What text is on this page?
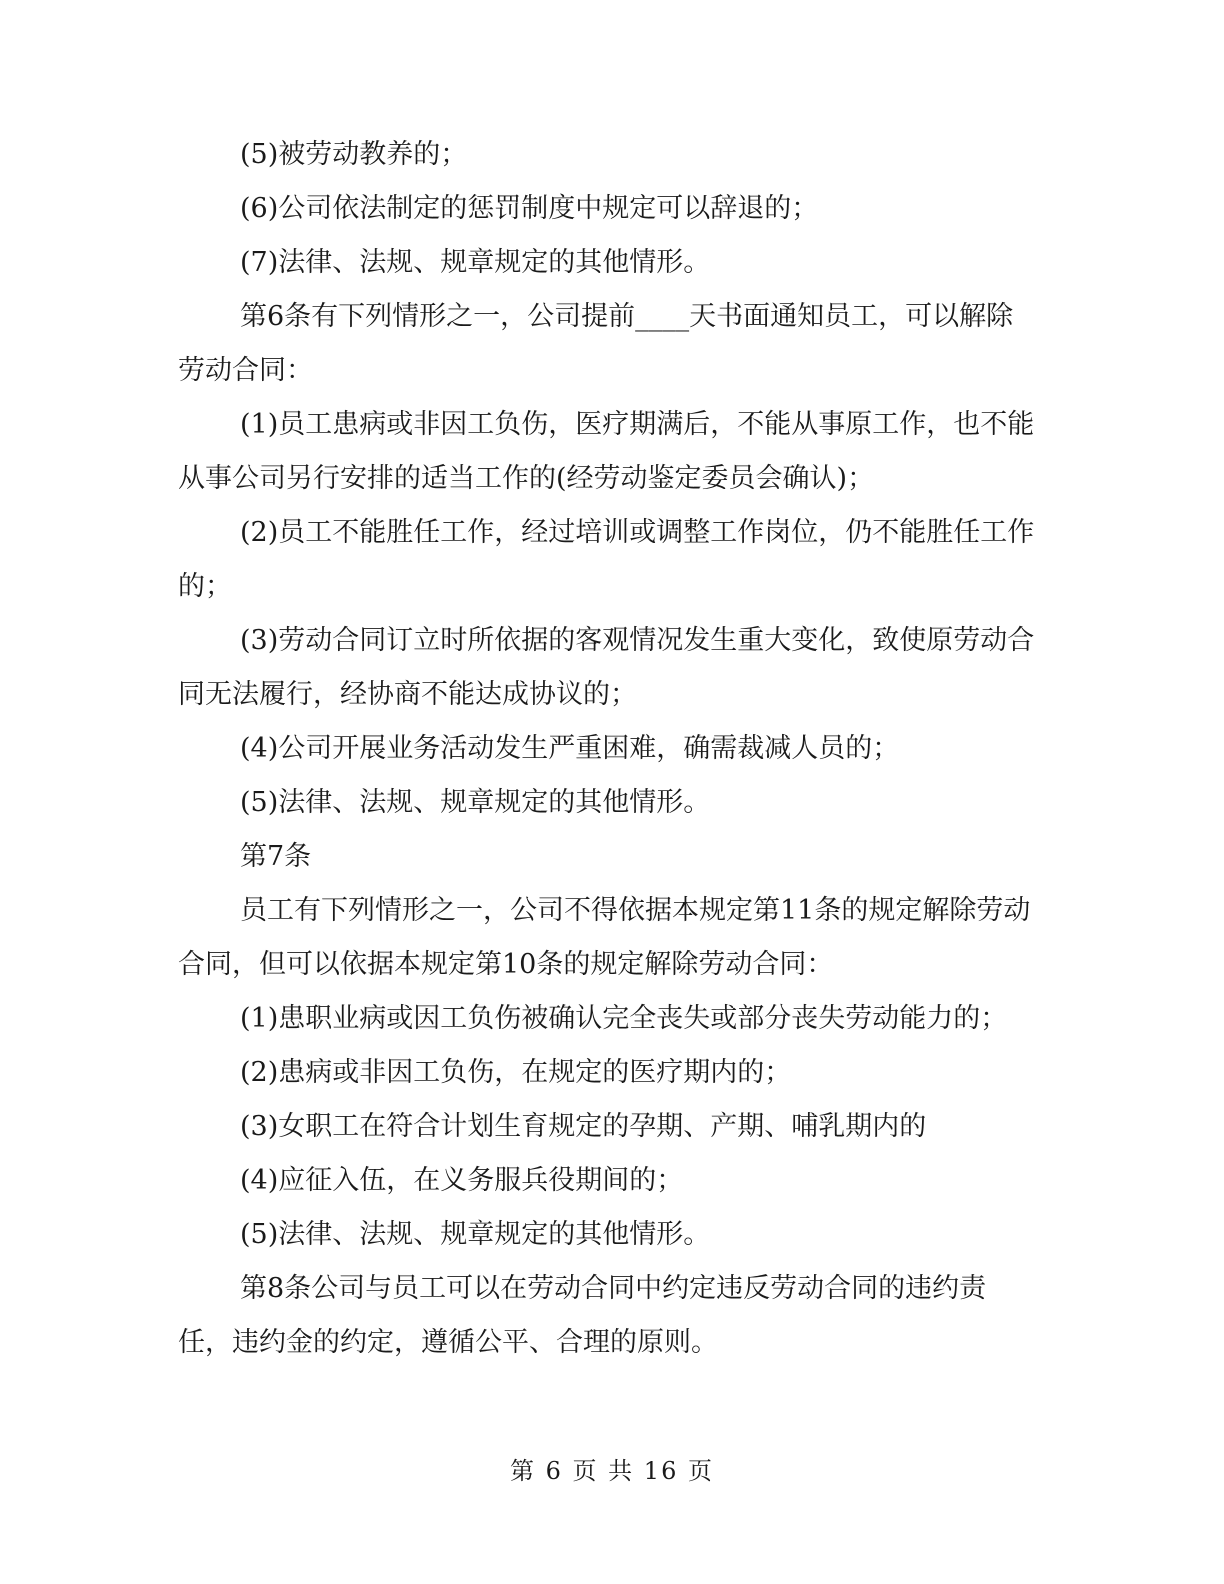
(5)被劳动教养的；

(6)公司依法制定的惩罚制度中规定可以辞退的；

(7)法律、法规、规章规定的其他情形。

第6条有下列情形之一，公司提前____天书面通知员工，可以解除劳动合同：

(1)员工患病或非因工负伤，医疗期满后，不能从事原工作，也不能从事公司另行安排的适当工作的(经劳动鉴定委员会确认)；

(2)员工不能胜任工作，经过培训或调整工作岗位，仍不能胜任工作的；

(3)劳动合同订立时所依据的客观情况发生重大变化，致使原劳动合同无法履行，经协商不能达成协议的；

(4)公司开展业务活动发生严重困难，确需裁减人员的；

(5)法律、法规、规章规定的其他情形。

第7条

员工有下列情形之一，公司不得依据本规定第11条的规定解除劳动合同，但可以依据本规定第10条的规定解除劳动合同：

(1)患职业病或因工负伤被确认完全丧失或部分丧失劳动能力的；

(2)患病或非因工负伤，在规定的医疗期内的；

(3)女职工在符合计划生育规定的孕期、产期、哺乳期内的

(4)应征入伍，在义务服兵役期间的；

(5)法律、法规、规章规定的其他情形。

第8条公司与员工可以在劳动合同中约定违反劳动合同的违约责任，违约金的约定，遵循公平、合理的原则。

第 6 页 共 16 页
